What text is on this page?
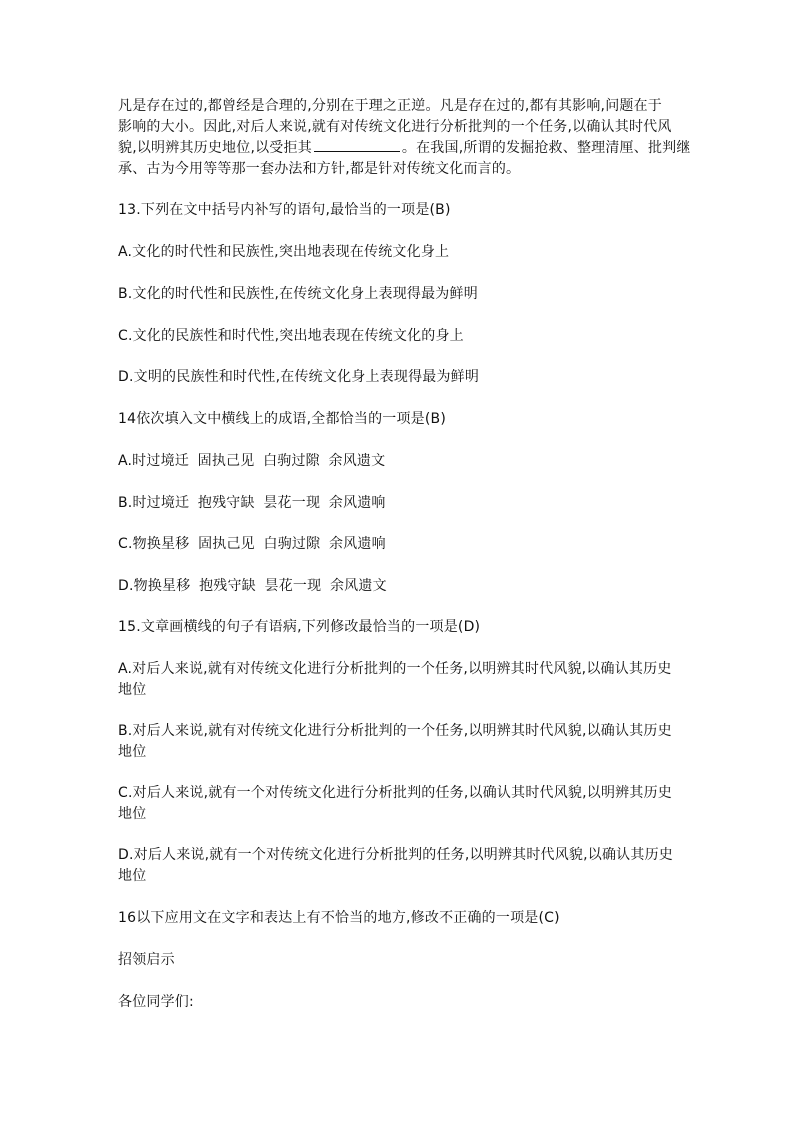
凡是存在过的,都曾经是合理的,分别在于理之正逆。凡是存在过的,都有其影响,问题在于
影响的大小。因此,对后人来说,就有对传统文化进行分析批判的一个任务,以确认其时代风
貌,以明辨其历史地位,以受拒其	。在我国,所谓的发掘抢救、整理清厘、批判继
承、古为今用等等那一套办法和方针,都是针对传统文化而言的。
13.下列在文中括号内补写的语句,最恰当的一项是(B)
A.文化的时代性和民族性,突出地表现在传统文化身上
B.文化的时代性和民族性,在传统文化身上表现得最为鲜明
C.文化的民族性和时代性,突出地表现在传统文化的身上
D.文明的民族性和时代性,在传统文化身上表现得最为鲜明
14依次填入文中横线上的成语,全都恰当的一项是(B)
A.时过境迁 固执己见 白驹过隙 余风遗文
B.时过境迁 抱残守缺 昙花一现 余风遗响
C.物换星移 固执己见 白驹过隙 余风遗响
D.物换星移 抱残守缺 昙花一现 余风遗文
15.文章画横线的句子有语病,下列修改最恰当的一项是(D)
A.对后人来说,就有对传统文化进行分析批判的一个任务,以明辨其时代风貌,以确认其历史
地位
B.对后人来说,就有对传统文化进行分析批判的一个任务,以明辨其时代风貌,以确认其历史
地位
C.对后人来说,就有一个对传统文化进行分析批判的任务,以确认其时代风貌,以明辨其历史
地位
D.对后人来说,就有一个对传统文化进行分析批判的任务,以明辨其时代风貌,以确认其历史
地位
16以下应用文在文字和表达上有不恰当的地方,修改不正确的一项是(C)
招领启示
各位同学们:
